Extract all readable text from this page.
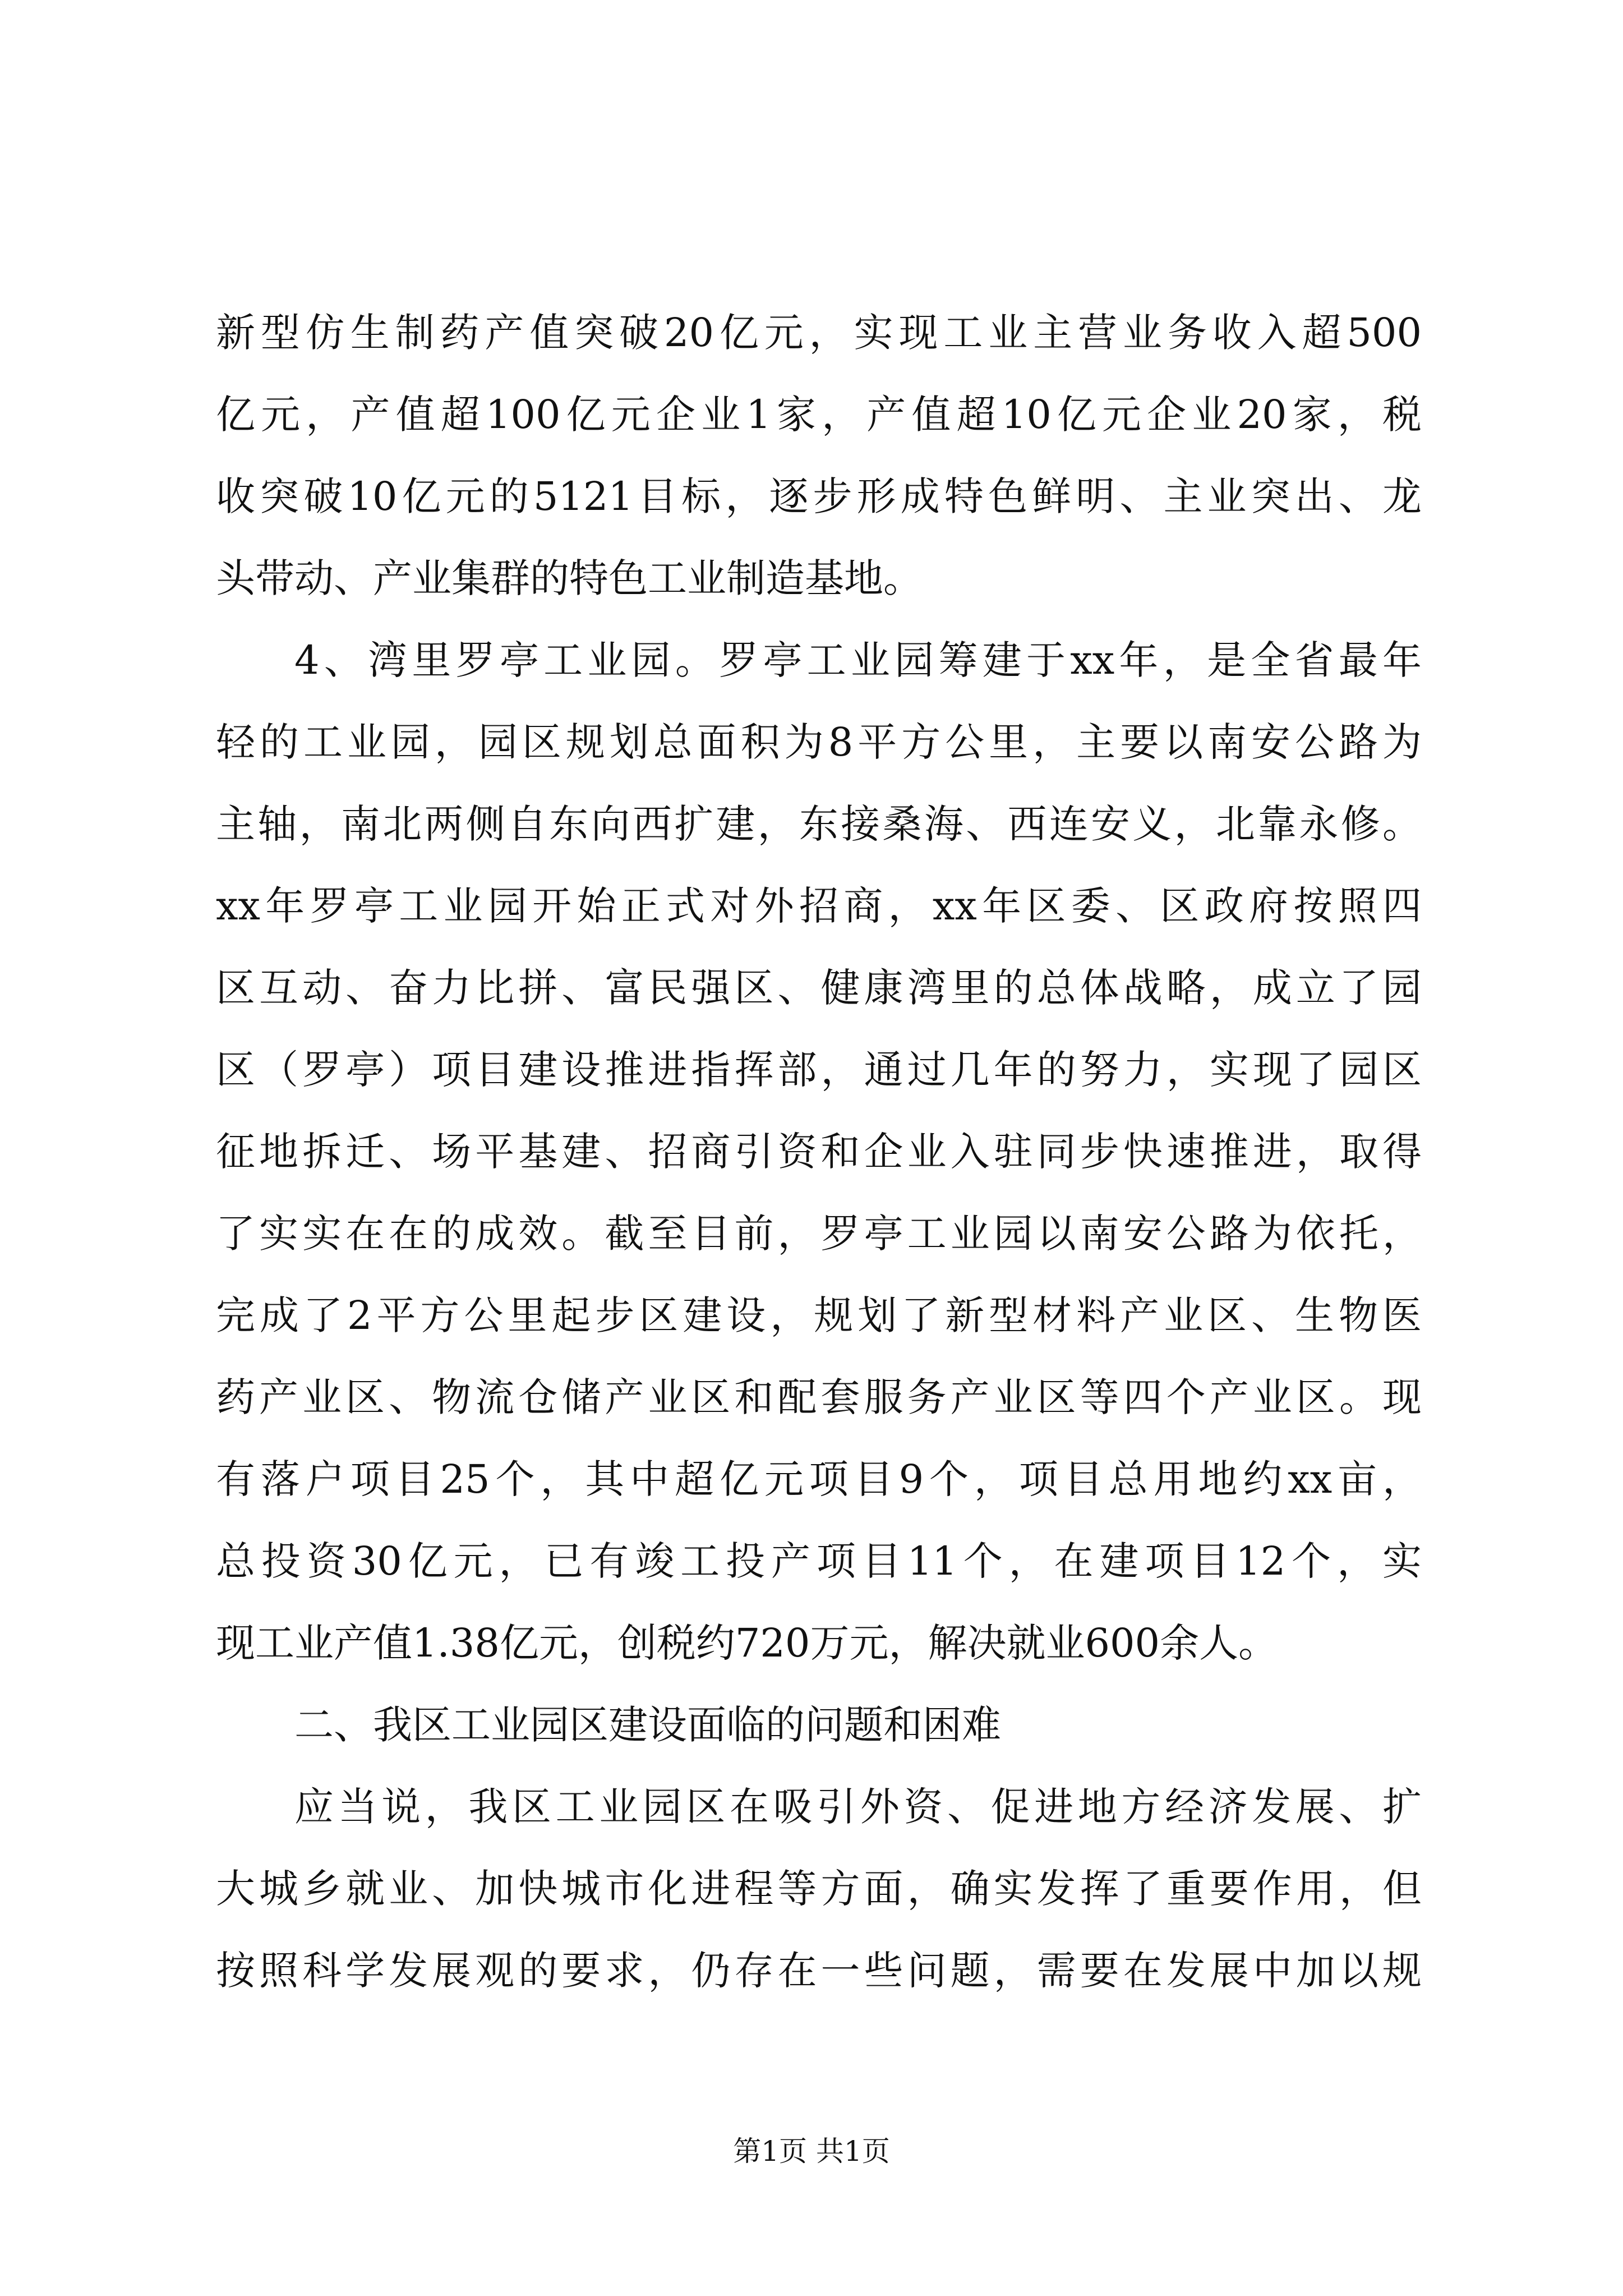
新型仿生制药产值突破20亿元，实现工业主营业务收入超500
亿元，产值超100亿元企业1家，产值超10亿元企业20家，税
收突破10亿元的5121目标，逐步形成特色鲜明、主业突出、龙
头带动、产业集群的特色工业制造基地。
4、湾里罗亭工业园。罗亭工业园筹建于xx年，是全省最年
轻的工业园，园区规划总面积为8平方公里，主要以南安公路为
主轴，南北两侧自东向西扩建，东接桑海、西连安义，北靠永修。
xx年罗亭工业园开始正式对外招商，xx年区委、区政府按照四
区互动、奋力比拼、富民强区、健康湾里的总体战略，成立了园
区（罗亭）项目建设推进指挥部，通过几年的努力，实现了园区
征地拆迁、场平基建、招商引资和企业入驻同步快速推进，取得
了实实在在的成效。截至目前，罗亭工业园以南安公路为依托，
完成了2平方公里起步区建设，规划了新型材料产业区、生物医
药产业区、物流仓储产业区和配套服务产业区等四个产业区。现
有落户项目25个，其中超亿元项目9个，项目总用地约xx亩，
总投资30亿元，已有竣工投产项目11个，在建项目12个，实
现工业产值1.38亿元，创税约720万元，解决就业600余人。
二、我区工业园区建设面临的问题和困难
应当说，我区工业园区在吸引外资、促进地方经济发展、扩
大城乡就业、加快城市化进程等方面，确实发挥了重要作用，但
按照科学发展观的要求，仍存在一些问题，需要在发展中加以规
第1页 共1页
